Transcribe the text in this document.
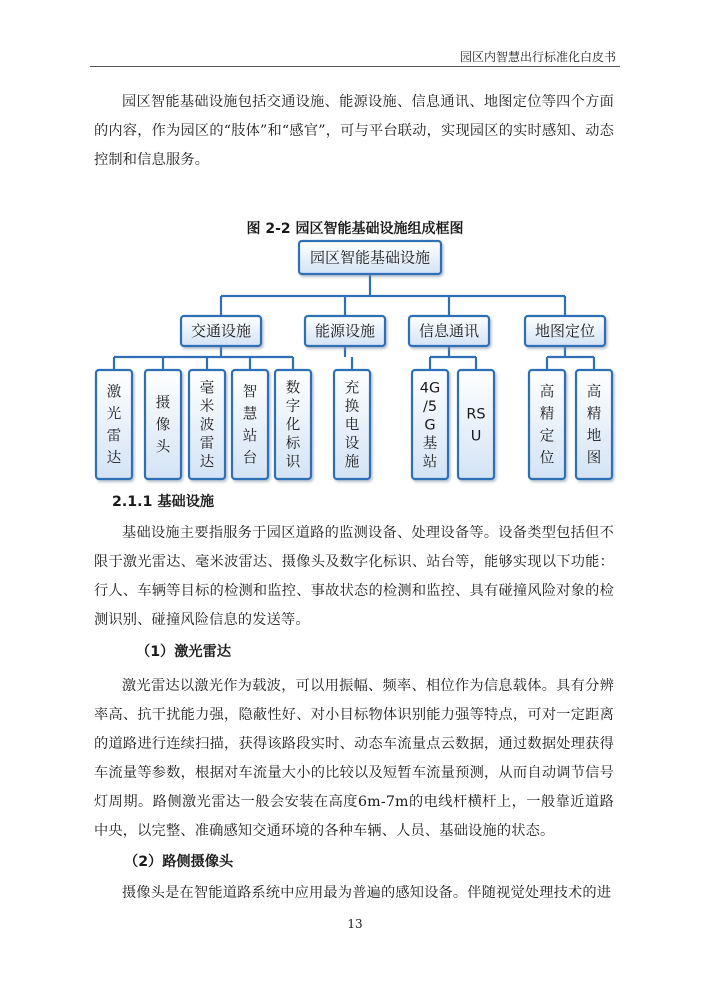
园区内智慧出行标准化白皮书

园区智能基础设施包括交通设施、能源设施、信息通讯、地图定位等四个方面的内容，作为园区的“肢体”和“感官”，可与平台联动，实现园区的实时感知、动态控制和信息服务。

图 2-2 园区智能基础设施组成框图
园区智能基础设施
交通设施
激光雷达
摄像头
毫米波雷达
智慧站台
数字化标识
能源设施
充换电设施
信息通讯
4G /5 G 基站
RS U
地图定位
高精定位
高精地图
2.1.1 基础设施

基础设施主要指服务于园区道路的监测设备、处理设备等。设备类型包括但不限于激光雷达、毫米波雷达、摄像头及数字化标识、站台等，能够实现以下功能：行人、车辆等目标的检测和监控、事故状态的检测和监控、具有碰撞风险对象的检测识别、碰撞风险信息的发送等。

（1）激光雷达

激光雷达以激光作为载波，可以用振幅、频率、相位作为信息载体。具有分辨率高、抗干扰能力强，隐蔽性好、对小目标物体识别能力强等特点，可对一定距离的道路进行连续扫描，获得该路段实时、动态车流量点云数据，通过数据处理获得车流量等参数，根据对车流量大小的比较以及短暂车流量预测，从而自动调节信号灯周期。路侧激光雷达一般会安装在高度6m-7m的电线杆横杆上，一般靠近道路中央，以完整、准确感知交通环境的各种车辆、人员、基础设施的状态。

（2）路侧摄像头

摄像头是在智能道路系统中应用最为普遍的感知设备。伴随视觉处理技术的进

13
